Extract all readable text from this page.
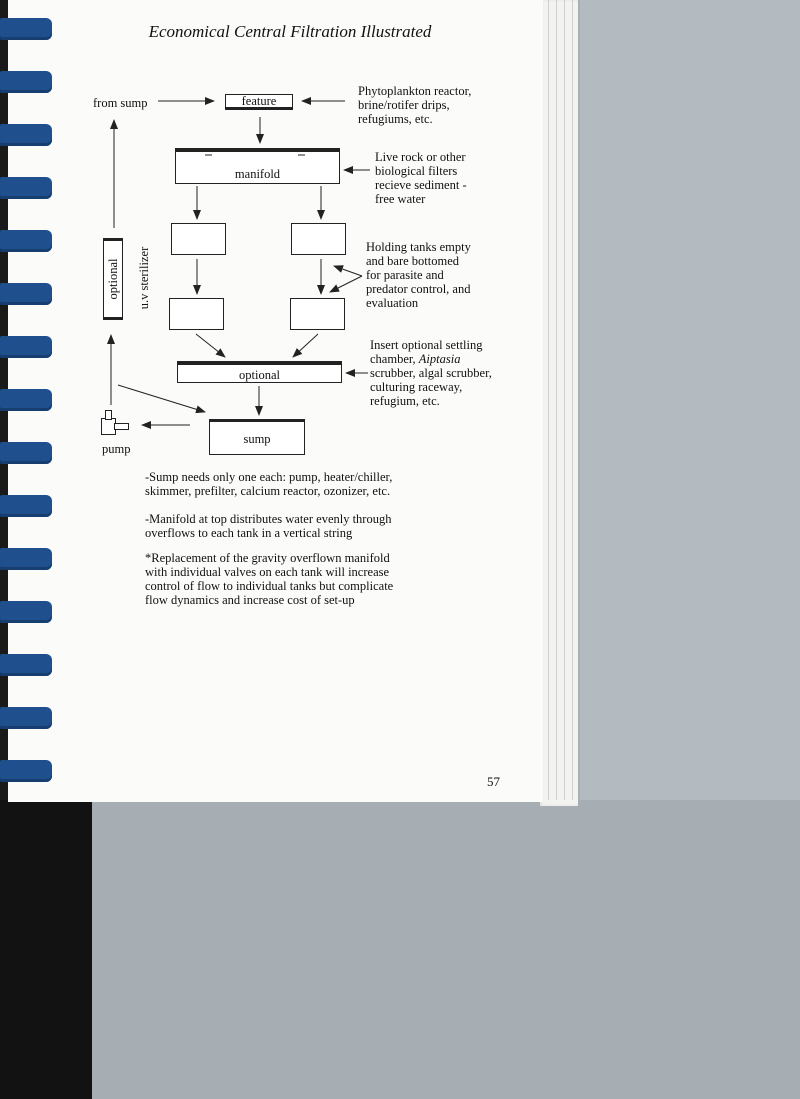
Economical Central Filtration Illustrated
feature
manifold
optional
sump
optional u.v sterilizer
pump
from sump
Phytoplankton reactor,
brine/rotifer drips,
refugiums, etc.
Live rock or other
biological filters
recieve sediment -
free water
Holding tanks empty
and bare bottomed
for parasite and
predator control, and
evaluation
Insert optional settling
chamber, Aiptasia
scrubber, algal scrubber,
culturing raceway,
refugium, etc.
-Sump needs only one each: pump, heater/chiller,
skimmer, prefilter, calcium reactor, ozonizer, etc.
-Manifold at top distributes water evenly through
overflows to each tank in a vertical string
*Replacement of the gravity overflown manifold
with individual valves on each tank will increase
control of flow to individual tanks but complicate
flow dynamics and increase cost of set-up
57
